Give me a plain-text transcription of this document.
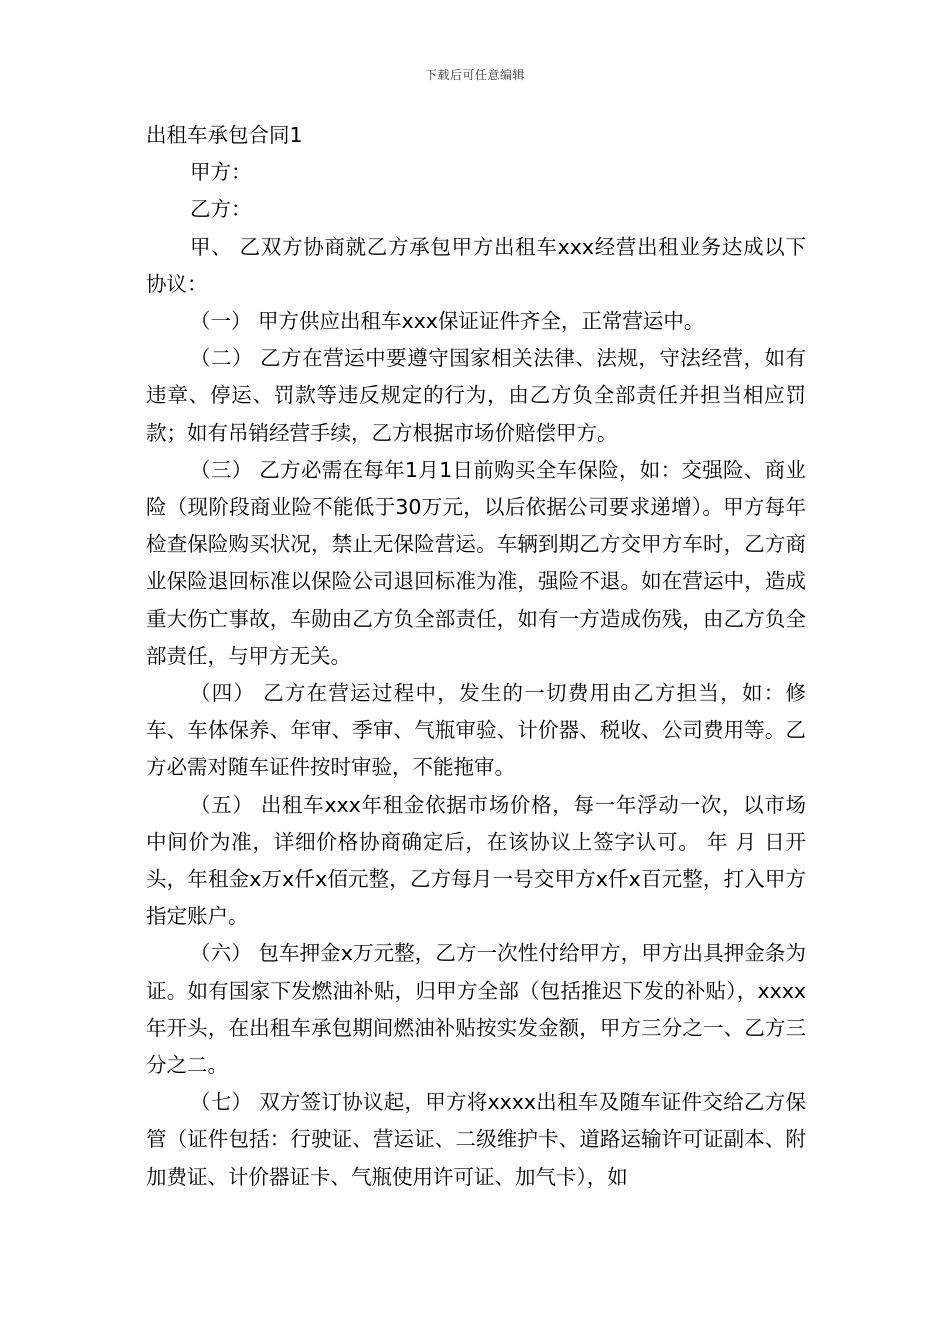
下载后可任意编辑

出租车承包合同1

甲方：

乙方：

甲、 乙双方协商就乙方承包甲方出租车xxx经营出租业务达成以下协议：

（一） 甲方供应出租车xxx保证证件齐全，正常营运中。

（二） 乙方在营运中要遵守国家相关法律、法规，守法经营，如有违章、停运、罚款等违反规定的行为，由乙方负全部责任并担当相应罚款；如有吊销经营手续，乙方根据市场价赔偿甲方。

（三） 乙方必需在每年1月1日前购买全车保险，如：交强险、商业险（现阶段商业险不能低于30万元，以后依据公司要求递增）。甲方每年检查保险购买状况，禁止无保险营运。车辆到期乙方交甲方车时，乙方商业保险退回标准以保险公司退回标准为准，强险不退。如在营运中，造成重大伤亡事故，车勋由乙方负全部责任，如有一方造成伤残，由乙方负全部责任，与甲方无关。

（四） 乙方在营运过程中，发生的一切费用由乙方担当，如：修车、车体保养、年审、季审、气瓶审验、计价器、税收、公司费用等。乙方必需对随车证件按时审验，不能拖审。

（五） 出租车xxx年租金依据市场价格，每一年浮动一次，以市场中间价为准，详细价格协商确定后，在该协议上签字认可。 年 月 日开头，年租金x万x仟x佰元整，乙方每月一号交甲方x仟x百元整，打入甲方指定账户。

（六） 包车押金x万元整，乙方一次性付给甲方，甲方出具押金条为证。如有国家下发燃油补贴，归甲方全部（包括推迟下发的补贴），xxxx年开头，在出租车承包期间燃油补贴按实发金额，甲方三分之一、乙方三分之二。

（七） 双方签订协议起，甲方将xxxx出租车及随车证件交给乙方保管（证件包括：行驶证、营运证、二级维护卡、道路运输许可证副本、附加费证、计价器证卡、气瓶使用许可证、加气卡），如
